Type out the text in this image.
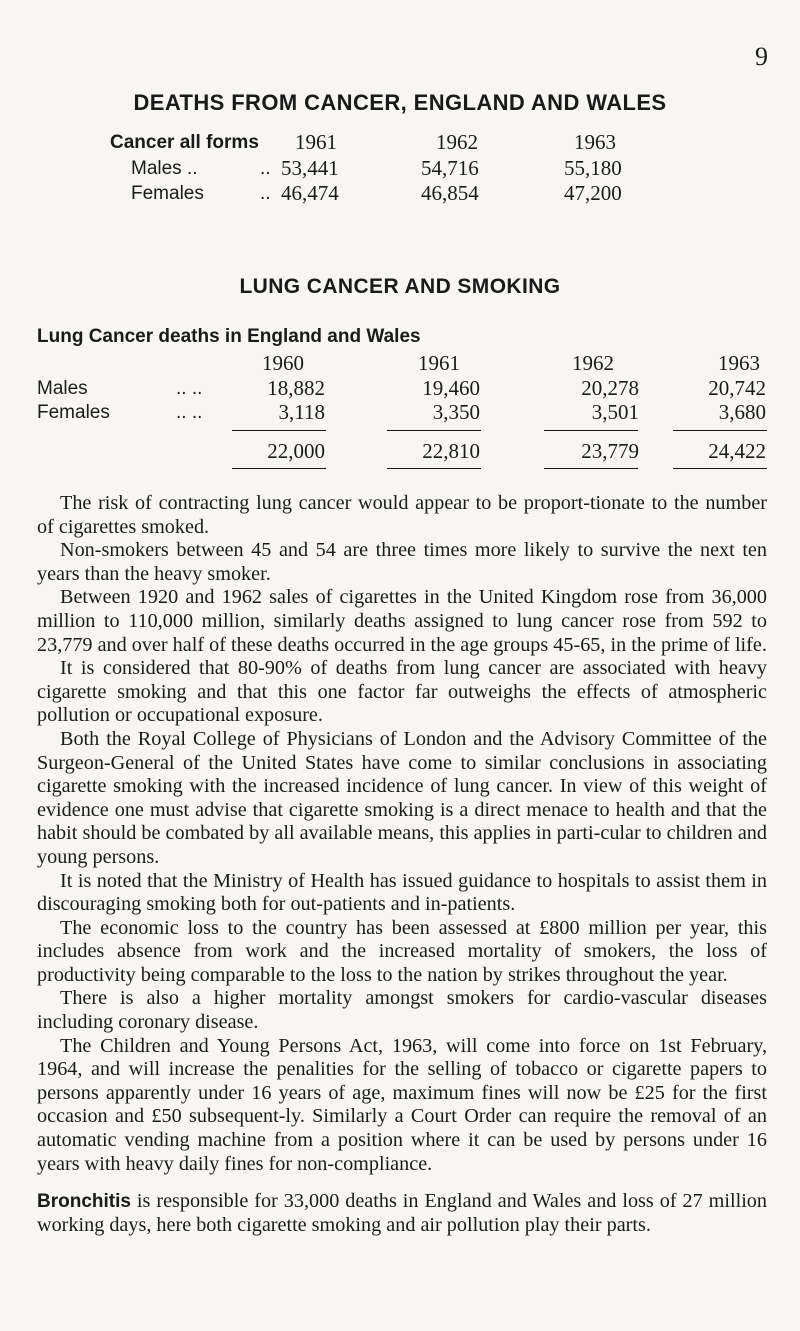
9
DEATHS FROM CANCER, ENGLAND AND WALES
Cancer all forms 1961	1962	1963
Males ..	.. 53,441	54,716	55,180
Females	.. 46,474	46,854	47,200
LUNG CANCER AND SMOKING
Lung Cancer deaths in England and Wales
1960	1961	1962	1963
Males	.. ..	18,882	19,460	20,278	20,742
Females	.. ..	3,118	3,350	3,501	3,680
22,000	22,810	23,779	24,422

The risk of contracting lung cancer would appear to be proport-tionate to the number of cigarettes smoked.

Non-smokers between 45 and 54 are three times more likely to survive the next ten years than the heavy smoker.

Between 1920 and 1962 sales of cigarettes in the United Kingdom rose from 36,000 million to 110,000 million, similarly deaths assigned to lung cancer rose from 592 to 23,779 and over half of these deaths occurred in the age groups 45-65, in the prime of life.

It is considered that 80-90% of deaths from lung cancer are associated with heavy cigarette smoking and that this one factor far outweighs the effects of atmospheric pollution or occupational exposure.

Both the Royal College of Physicians of London and the Advisory Committee of the Surgeon-General of the United States have come to similar conclusions in associating cigarette smoking with the increased incidence of lung cancer. In view of this weight of evidence one must advise that cigarette smoking is a direct menace to health and that the habit should be combated by all available means, this applies in parti-cular to children and young persons.

It is noted that the Ministry of Health has issued guidance to hospitals to assist them in discouraging smoking both for out-patients and in-patients.

The economic loss to the country has been assessed at £800 million per year, this includes absence from work and the increased mortality of smokers, the loss of productivity being comparable to the loss to the nation by strikes throughout the year.

There is also a higher mortality amongst smokers for cardio-vascular diseases including coronary disease.

The Children and Young Persons Act, 1963, will come into force on 1st February, 1964, and will increase the penalities for the selling of tobacco or cigarette papers to persons apparently under 16 years of age, maximum fines will now be £25 for the first occasion and £50 subsequent-ly. Similarly a Court Order can require the removal of an automatic vending machine from a position where it can be used by persons under 16 years with heavy daily fines for non-compliance.

Bronchitis is responsible for 33,000 deaths in England and Wales and loss of 27 million working days, here both cigarette smoking and air pollution play their parts.
